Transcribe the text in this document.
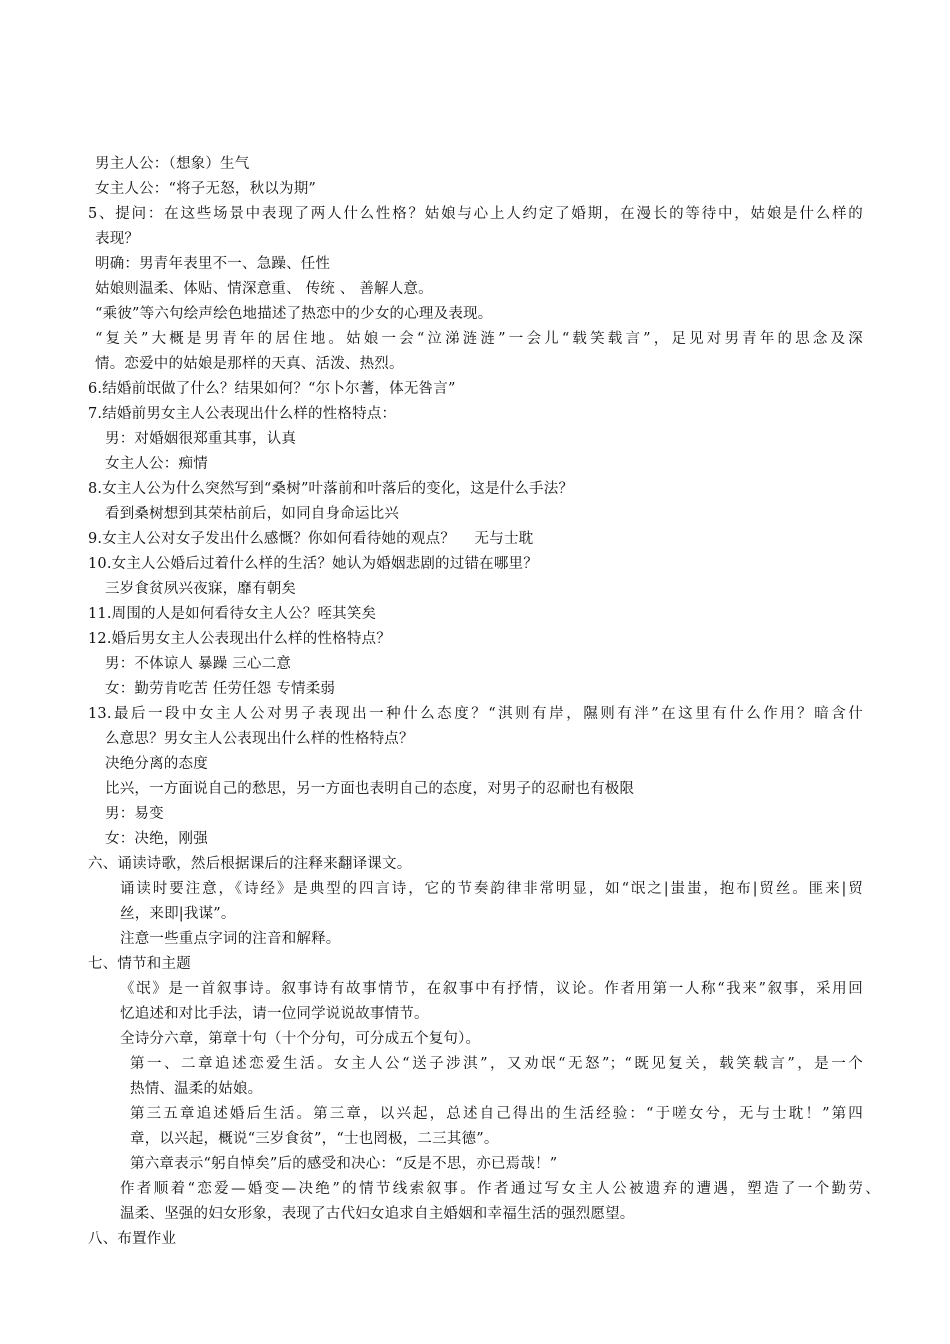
男主人公：（想象）生气
女主人公：“将子无怒，秋以为期”
5、提问：在这些场景中表现了两人什么性格？姑娘与心上人约定了婚期，在漫长的等待中，姑娘是什么样的
表现？
明确：男青年表里不一、急躁、任性
姑娘则温柔、体贴、情深意重、 传统 、 善解人意。
“乘彼”等六句绘声绘色地描述了热恋中的少女的心理及表现。
“复关”大概是男青年的居住地。姑娘一会“泣涕涟涟”一会儿“载笑载言”，足见对男青年的思念及深
情。恋爱中的姑娘是那样的天真、活泼、热烈。
6.结婚前氓做了什么？结果如何？“尔卜尔蓍，体无咎言”
7.结婚前男女主人公表现出什么样的性格特点：
男：对婚姻很郑重其事，认真
女主人公：痴情
8.女主人公为什么突然写到“桑树”叶落前和叶落后的变化，这是什么手法？
看到桑树想到其荣枯前后，如同自身命运比兴
9.女主人公对女子发出什么感慨？你如何看待她的观点？　 无与士耽
10.女主人公婚后过着什么样的生活？她认为婚姻悲剧的过错在哪里？
三岁食贫夙兴夜寐，靡有朝矣
11.周围的人是如何看待女主人公？咥其笑矣
12.婚后男女主人公表现出什么样的性格特点？
男：不体谅人 暴躁 三心二意
女：勤劳肯吃苦 任劳任怨 专情柔弱
13.最后一段中女主人公对男子表现出一种什么态度？“淇则有岸，隰则有泮”在这里有什么作用？暗含什
么意思？男女主人公表现出什么样的性格特点？
决绝分离的态度
比兴，一方面说自己的愁思，另一方面也表明自己的态度，对男子的忍耐也有极限
男：易变
女：决绝，刚强
六、诵读诗歌，然后根据课后的注释来翻译课文。
诵读时要注意，《诗经》是典型的四言诗，它的节奏韵律非常明显，如“氓之|蚩蚩，抱布|贸丝。匪来|贸
丝，来即|我谋”。
注意一些重点字词的注音和解释。
七、情节和主题
《氓》是一首叙事诗。叙事诗有故事情节，在叙事中有抒情，议论。作者用第一人称“我来”叙事，采用回
忆追述和对比手法，请一位同学说说故事情节。
全诗分六章，第章十句（十个分句，可分成五个复句）。
第一、二章追述恋爱生活。女主人公“送子涉淇”，又劝氓“无怒”；“既见复关，载笑载言”，是一个
热情、温柔的姑娘。
第三五章追述婚后生活。第三章，以兴起，总述自己得出的生活经验：“于嗟女兮，无与士耽！”第四
章，以兴起，概说“三岁食贫”，“士也罔极，二三其德”。
第六章表示“躬自悼矣”后的感受和决心：“反是不思，亦已焉哉！”
作者顺着“恋爱—婚变—决绝”的情节线索叙事。作者通过写女主人公被遗弃的遭遇，塑造了一个勤劳、
温柔、坚强的妇女形象，表现了古代妇女追求自主婚姻和幸福生活的强烈愿望。
八、布置作业
